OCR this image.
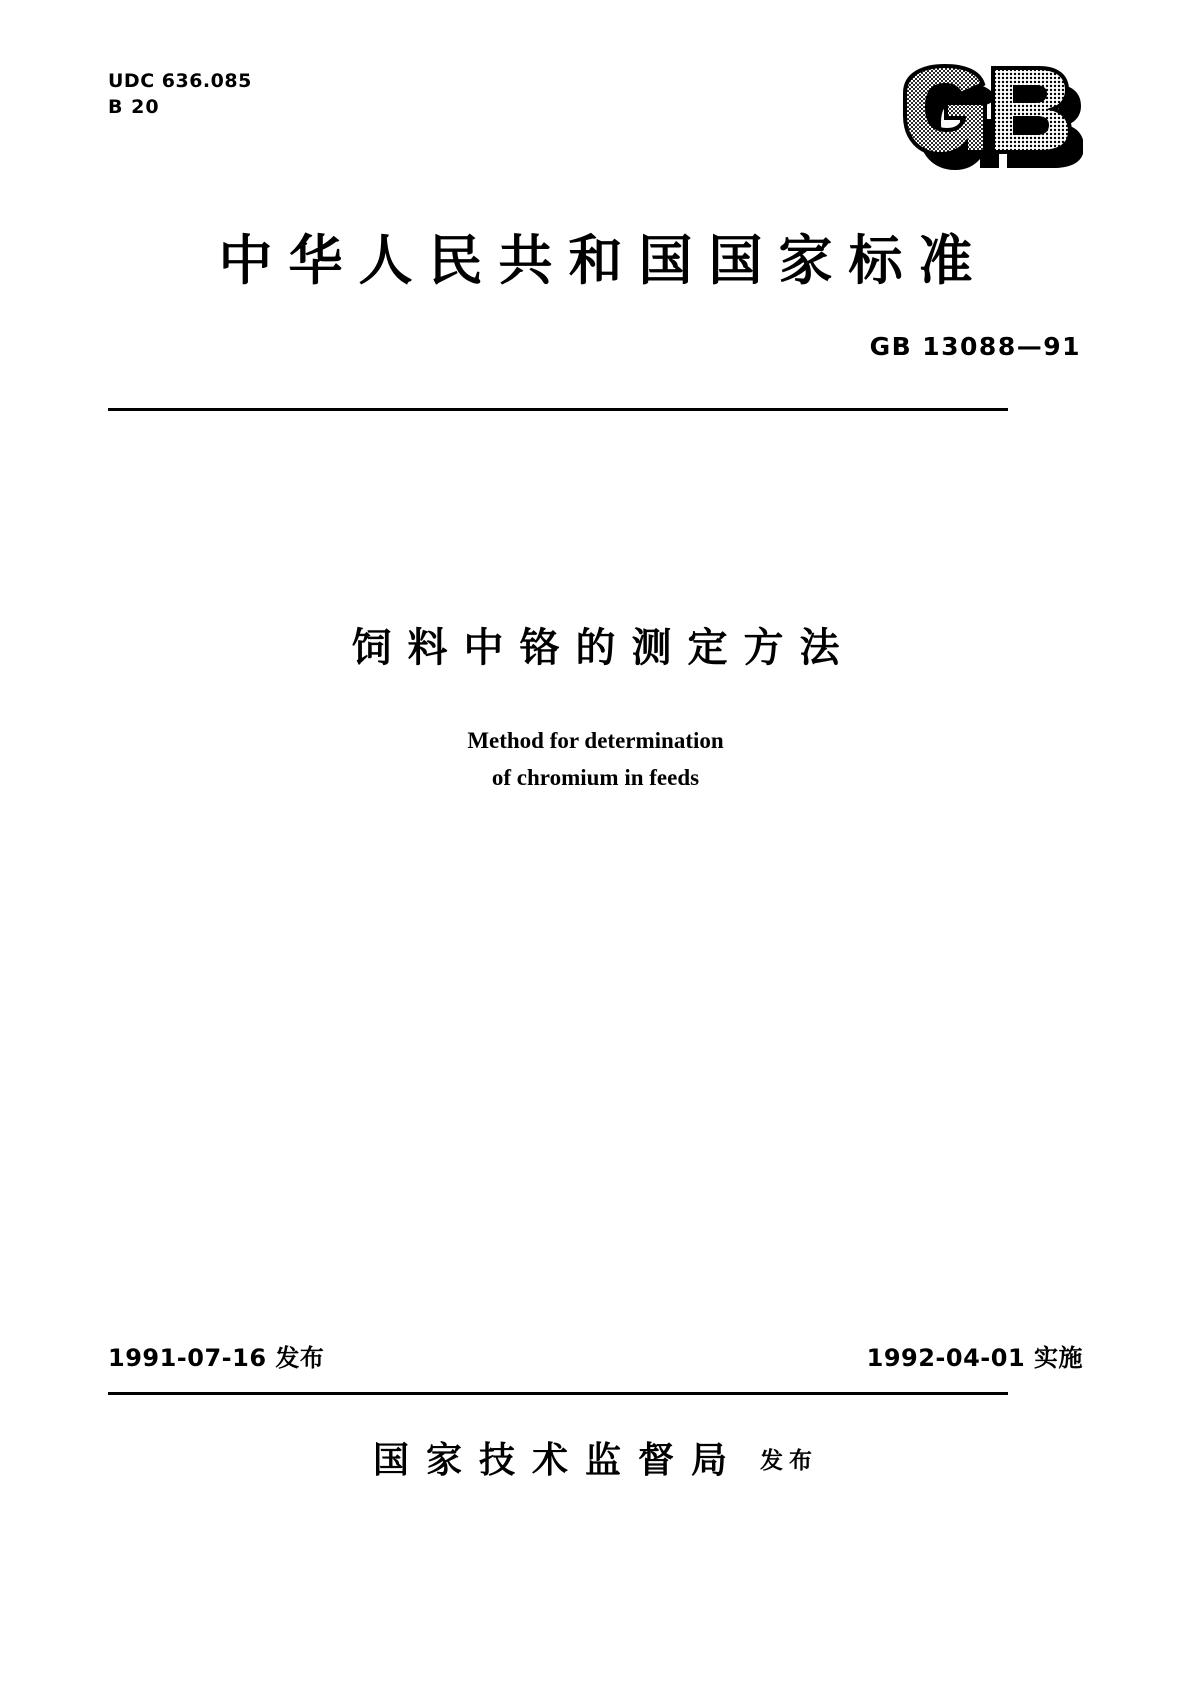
UDC 636.085
B 20
中华人民共和国国家标准
GB 13088—91
饲料中铬的测定方法
Method for determination
of chromium in feeds
1991-07-16 发布	1992-04-01 实施
国家技术监督局 发布
